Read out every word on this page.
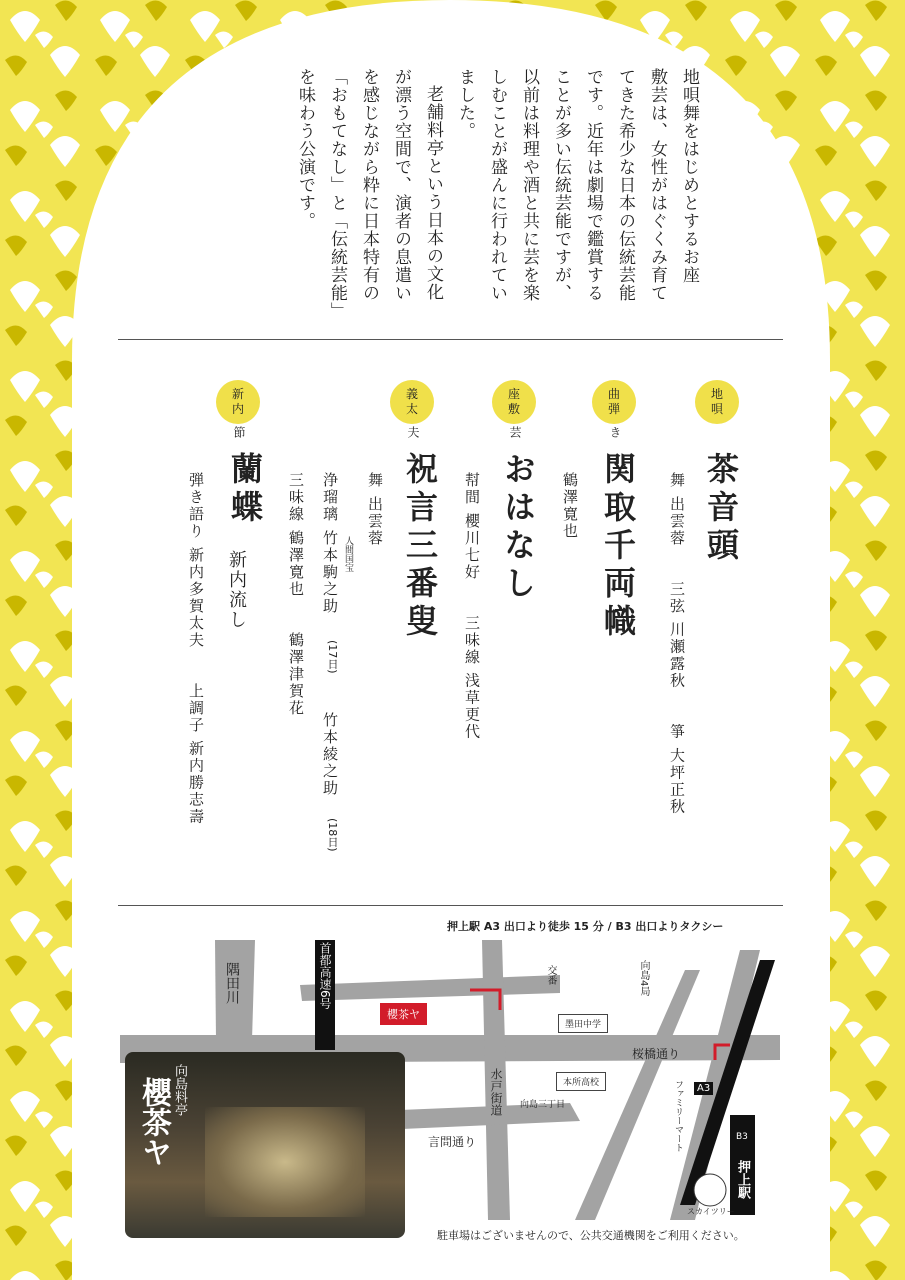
地唄舞をはじめとするお座
敷芸は、女性がはぐくみ育て
てきた希少な日本の伝統芸能
です。近年は劇場で鑑賞する
ことが多い伝統芸能ですが、
以前は料理や酒と共に芸を楽
しむことが盛んに行われてい
ました。
老舗料亭という日本の文化
が漂う空間で、演者の息遣い
を感じながら粋に日本特有の
「おもてなし」と「伝統芸能」
を味わう公演です。
地
唄
茶音頭
舞 出雲蓉　　三弦 川瀬露秋　　箏 大坪正秋
曲
弾
き
関取千両幟
鶴澤寛也
座
敷
芸
おはなし
幇間 櫻川七好　　三味線 浅草更代
義
太
夫
祝言三番叟
舞 出雲蓉
人間国宝
浄瑠璃 竹本駒之助
(17日)
竹本綾之助
(18日)
三味線 鶴澤寛也　　鶴澤津賀花
新
内
節
蘭蝶
新内流し
弾き語り 新内多賀太夫　　上調子 新内勝志壽
押上駅 A3 出口より徒歩 15 分 / B3 出口よりタクシー
隅田川	首都高速6号
櫻茶ヤ
交番	向島4局
墨田中学
本所高校
桜橋通り
水戸街道
言問通り
向島三丁目	ファミリーマート	A3
B3
押上駅
スカイツリー
向島料亭
櫻茶ヤ
駐車場はございませんので、公共交通機関をご利用ください。
